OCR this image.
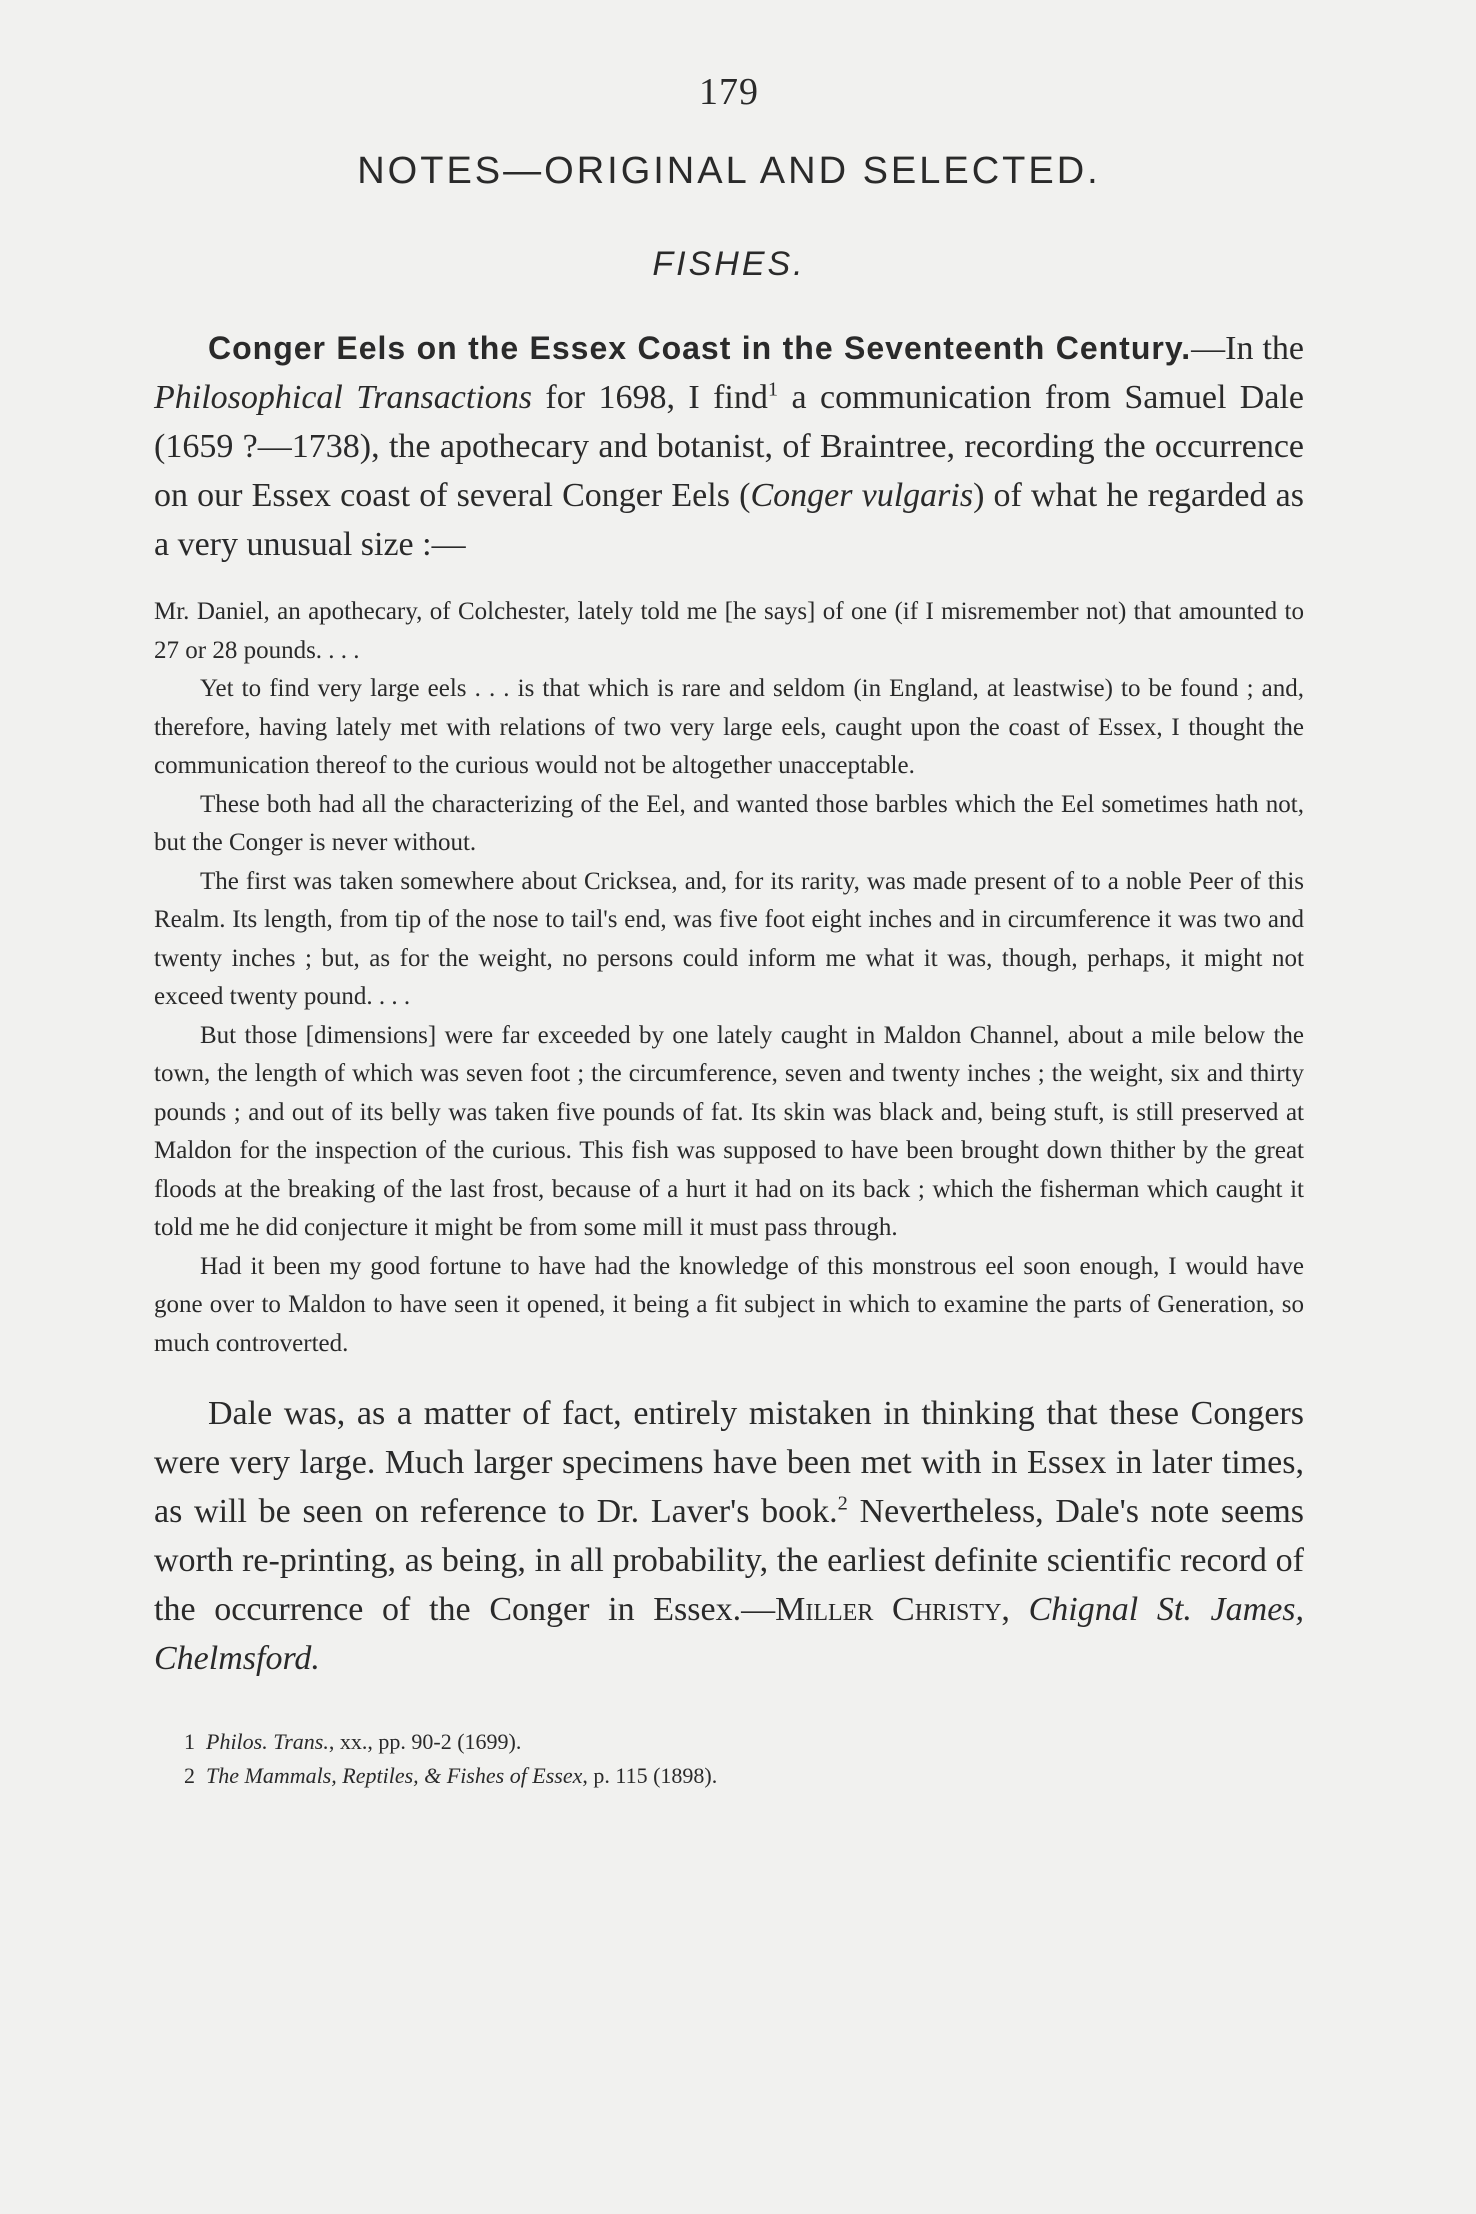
179
NOTES—ORIGINAL AND SELECTED.
FISHES.

Conger Eels on the Essex Coast in the Seventeenth Century.—In the Philosophical Transactions for 1698, I find$^1$ a communication from Samuel Dale (1659 ?—1738), the apothecary and botanist, of Braintree, recording the occurrence on our Essex coast of several Conger Eels (Conger vulgaris) of what he regarded as a very unusual size :—

Mr. Daniel, an apothecary, of Colchester, lately told me [he says] of one (if I misremember not) that amounted to 27 or 28 pounds. . . .

Yet to find very large eels . . . is that which is rare and seldom (in England, at leastwise) to be found ; and, therefore, having lately met with relations of two very large eels, caught upon the coast of Essex, I thought the communication thereof to the curious would not be altogether unacceptable.

These both had all the characterizing of the Eel, and wanted those barbles which the Eel sometimes hath not, but the Conger is never without.

The first was taken somewhere about Cricksea, and, for its rarity, was made present of to a noble Peer of this Realm. Its length, from tip of the nose to tail's end, was five foot eight inches and in circumference it was two and twenty inches ; but, as for the weight, no persons could inform me what it was, though, perhaps, it might not exceed twenty pound. . . .

But those [dimensions] were far exceeded by one lately caught in Maldon Channel, about a mile below the town, the length of which was seven foot ; the circumference, seven and twenty inches ; the weight, six and thirty pounds ; and out of its belly was taken five pounds of fat. Its skin was black and, being stuft, is still preserved at Maldon for the inspection of the curious. This fish was supposed to have been brought down thither by the great floods at the breaking of the last frost, because of a hurt it had on its back ; which the fisherman which caught it told me he did conjecture it might be from some mill it must pass through.

Had it been my good fortune to have had the knowledge of this monstrous eel soon enough, I would have gone over to Maldon to have seen it opened, it being a fit subject in which to examine the parts of Generation, so much controverted.

Dale was, as a matter of fact, entirely mistaken in thinking that these Congers were very large. Much larger specimens have been met with in Essex in later times, as will be seen on reference to Dr. Laver's book.$^2$ Nevertheless, Dale's note seems worth re-printing, as being, in all probability, the earliest definite scientific record of the occurrence of the Conger in Essex.—Miller Christy, Chignal St. James, Chelmsford.

1 Philos. Trans., xx., pp. 90-2 (1699).

2 The Mammals, Reptiles, & Fishes of Essex, p. 115 (1898).
